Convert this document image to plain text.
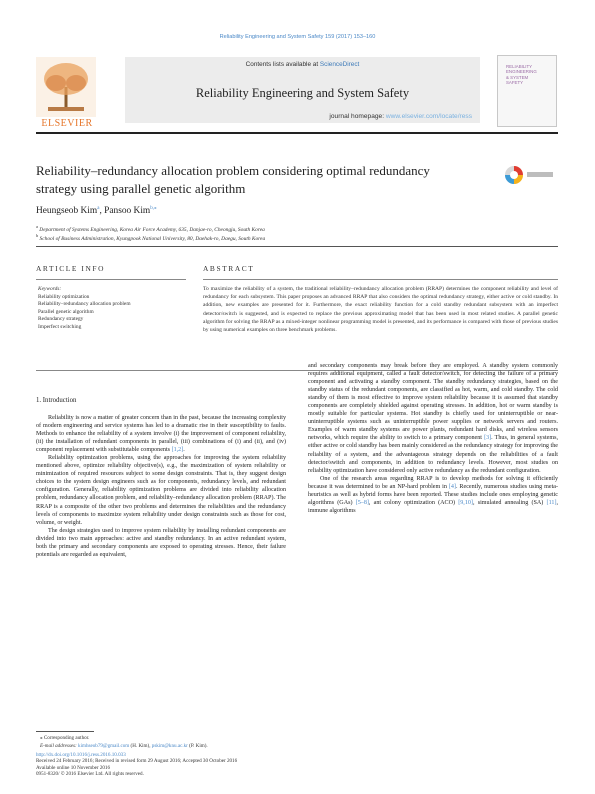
Reliability Engineering and System Safety 159 (2017) 153–160
ELSEVIER
Contents lists available at ScienceDirect
Reliability Engineering and System Safety
journal homepage: www.elsevier.com/locate/ress
RELIABILITY
ENGINEERING
& SYSTEM
SAFETY
Reliability–redundancy allocation problem considering optimal redundancy
strategy using parallel genetic algorithm
Heungseob Kim$^a$, Pansoo Kim$^{b,⁎}$
$^a$ Department of Systems Engineering, Korea Air Force Academy, 635, Danjae-ro, Cheongju, South Korea
$^b$ School of Business Administration, Kyungpook National University, 80, Daehak-ro, Daegu, South Korea
ARTICLE INFO	ABSTRACT
Keywords:
Reliability optimization
Reliability–redundancy allocation problem
Parallel genetic algorithm
Redundancy strategy
Imperfect switching
To maximize the reliability of a system, the traditional reliability–redundancy allocation problem (RRAP) determines the component reliability and level of redundancy for each subsystem. This paper proposes an advanced RRAP that also considers the optimal redundancy strategy, either active or cold standby. In addition, new examples are presented for it. Furthermore, the exact reliability function for a cold standby redundant subsystem with an imperfect detector/switch is suggested, and is expected to replace the previous approximating model that has been used in most related studies. A parallel genetic algorithm for solving the RRAP as a mixed-integer nonlinear programming model is presented, and its performance is compared with those of previous studies by using numerical examples on three benchmark problems.
1. Introduction

Reliability is now a matter of greater concern than in the past, because the increasing complexity of modern engineering and service systems has led to a dramatic rise in their susceptibility to faults. Methods to enhance the reliability of a system involve (i) the improvement of component reliability, (ii) the installation of redundant components in parallel, (iii) combinations of (i) and (ii), and (iv) component replacement with substitutable components [1,2].

Reliability optimization problems, using the approaches for improving the system reliability mentioned above, optimize reliability objective(s), e.g., the maximization of system reliability or minimization of required resources subject to some design constraints. That is, they suggest design choices to the system design engineers such as for components, redundancy levels, and redundant configuration. Generally, reliability optimization problems are divided into reliability allocation problem, redundancy allocation problem, and reliability–redundancy allocation problem (RRAP). The RRAP is a composite of the other two problems and determines the reliabilities and the redundancy levels of components to maximize system reliability under design constraints such as those for cost, volume, or weight.

The design strategies used to improve system reliability by installing redundant components are divided into two main approaches: active and standby redundancy. In an active redundant system, both the primary and secondary components are exposed to operating stresses. Hence, their failure potentials are regarded as equivalent,

and secondary components may break before they are employed. A standby system commonly requires additional equipment, called a fault detector/switch, for detecting the failure of a primary component and activating a standby component. The standby redundancy strategies, based on the standby status of the redundant components, are classified as hot, warm, and cold standby. The cold standby of them is most effective to improve system reliability because it is assumed that standby components are completely shielded against operating stresses. In addition, hot or warm standby is mostly suitable for particular systems. Hot standby is chiefly used for uninterruptible or near-uninterruptible systems such as uninterruptible power supplies or network servers and routers. Examples of warm standby systems are power plants, redundant hard disks, and wireless sensors networks, which require the ability to switch to a primary component [3]. Thus, in general systems, either active or cold standby has been mainly considered as the redundancy strategy for improving the reliability of a system, and the advantageous strategy depends on the reliabilities of a fault detector/switch and components, in addition to redundancy levels. However, most studies on reliability optimization have considered only active redundancy as the redundant configuration.

One of the research areas regarding RRAP is to develop methods for solving it efficiently because it was determined to be an NP-hard problem in [4]. Recently, numerous studies using meta-heuristics as well as hybrid forms have been reported. These studies include ones employing genetic algorithms (GAs) [5–8], ant colony optimization (ACO) [9,10], simulated annealing (SA) [11], immune algorithms

⁎ Corresponding author.
E-mail addresses: kimhseob79@gmail.com (H. Kim), pskim@knu.ac.kr (P. Kim).
http://dx.doi.org/10.1016/j.ress.2016.10.033
Received 24 February 2016; Received in revised form 29 August 2016; Accepted 30 October 2016
Available online 10 November 2016
0951-8320/ © 2016 Elsevier Ltd. All rights reserved.
